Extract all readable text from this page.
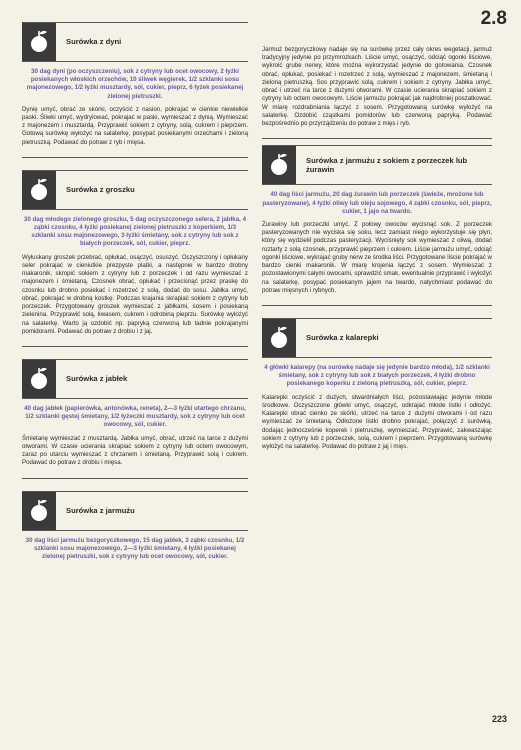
Surówka z dyni
30 dag dyni (po oczyszczeniu), sok z cytryny lub ocet owocowy, 2 łyżki posiekanych włoskich orzechów, 10 śliwek węgierek, 1/2 szklanki sosu majonezowego, 1/2 łyżki musztardy, sól, cukier, pieprz, 6 łyżek posiekanej zielonej pietruszki.
Dynię umyć, obrać ze skórki, oczyścić z nasion, pokrajać w cienkie niewielkie paski. Śliwki umyć, wydrylować, pokrajać w paski, wymieszać z dynią. Wymieszać z majonezem i musztardą. Przyprawić sokiem z cytryny, solą, cukrem i pieprzem. Gotową surówkę wyłożyć na salaterkę, posypać posiekanymi orzechami i zieloną pietruszką. Podawać do potraw z ryb i mięsa.
Surówka z groszku
30 dag młodego zielonego groszku, 5 dag oczyszczonego selera, 2 jabłka, 4 ząbki czosnku, 4 łyżki posiekanej zielonej pietruszki z koperkiem, 1/3 szklanki sosu majonezowego, 3 łyżki śmietany, sok z cytryny lub sok z białych porzeczek, sól, cukier, pieprz.
Wyłuskany groszek przebrać, opłukać, osączyć, osuszyć. Oczyszczony i opłukany seler pokrajać w cieniutkie prezpyste platki, a następnie w bardzo drobny makaronik, skropić sokiem z cytryny lub z porzeczek i od razu wymieszać z majonezem i śmietaną. Czosnek obrać, opłukać i przecisnąć przez praskę do czosnku lub drobno posiekać i rozetrzeć z solą, dodać do sosu. Jabłka umyć, obrać, pokrajać w drobną kostkę. Podczas krajania skrapiać sokiem z cytryny lub porzeczek. Przygotowany groszek wymieszać z jabłkami, sosem i posiekaną zielenina. Przyprawić solą, kwasem, cukrem i odrobiną pieprzu. Surówkę wyłożyć na salaterkę. Warto ją ozdobić np. papryką czerwoną lub tadnie pokrajanymi pomidorami. Podawać do potraw z drobiu i z jaj.
Surówka z jabłek
40 dag jabłek (papierówka, antonówka, reneta), 2—3 łyżki utartego chrzanu, 1/2 szklanki gęstej śmietany, 1/2 łyżeczki musztardy, sok z cytryny lub ocet owocowy, sól, cukier.
Śmietanę wymieszać z musztardą. Jabłka umyć, obrać, utrzeć na tarce z dużymi otworami. W czasie ucierania skrapiać sokiem z cytryny lub octem owocowym, zaraz po utarciu wymieszać z chrzanem i śmietaną. Przyprawić solą i cukrem. Podawać do potraw z drobiu i mięsa.
Surówka z jarmużu
30 dag liści jarmużu bezgoryczkowego, 15 dag jabłek, 3 ząbki czosnku, 1/2 szklanki sosu majonezowego, 2—3 łyżki śmietany, 4 łyżki posiekanej zielonej pietruszki, sok z cytryny lub ocet owocowy, sól, cukier.
Jarmuż bezgoryczkowy nadaje się na surówkę przez cały okres wegetacji, jarmuż tradycyjny jedynie po przymrozkach. Liście umyć, osączyć, odciąć ogonki liściowe, wykroić grube nerwy, które można wykorzystać jedynie do gotowania. Czosnek obrać, opłukać, posiekać i rozetrzeć z solą, wymieszać z majonezem, śmietaną i zieloną pietruszką. Sos przyprawić solą, cukrem i sokiem z cytryny. Jabłka umyć, obrać i utrzeć na tarce z dużymi otworami. W czasie ucierania skrapiać sokiem z cytryny lub octem owocowym. Liście jarmużu pokrajać jak najdrobniej poszatkować. W miarę rozdrabniania łączyć z sosem. Przygotowaną surówkę wyłożyć na salaterkę. Ozdobić cząstkami pomidorów lub czerwoną papryką. Podawać bezpośrednio po przyrządzeniu do potraw z mięs i ryb.
Surówka z jarmużu z sokiem z porzeczek lub żurawin
40 dag liści jarmużu, 20 dag żurawin lub porzeczek (świeże, mrożone lub pasteryzowane), 4 łyżki oliwy lub oleju sojowego, 4 ząbki czosnku, sól, pieprz, cukier, 1 jajo na twardo.
Żurawiny lub porzeczki umyć. Z połowy owoców wycisnąć sok. Z porzeczek pasteryzowanych nie wyciska się soku, lecz zamiast niego wykorzystuje się płyn, który się wydzielił podczas pasteryzacji. Wyciśnięty sok wymieszać z oliwą, dodać roztarty z solą czosnek, przyprawić pieprzem i cukrem. Liście jarmużu umyć, odciąć ogonki liściowe, wykrajać gruby nerw ze środka liści. Przygotowane liście pokrajać w bardzo cienki makaronik. W miarę krojenia łączyć z sosem. Wymieszać z pozostawionymi całymi owocami, sprawdzić smak, ewentualnie przyprawić i wyłożyć na salaterkę, posypać posiekanym jajem na twardo, natychmiast podawać do potraw mięsnych i rybnych.
Surówka z kalarepki
4 główki kalarepy (na surówkę nadaje się jedynie bardzo młoda), 1/2 szklanki śmietany, sok z cytryny lub sok z białych porzeczek, 4 łyżki drobno posiekanego koperku z zieloną pietruszką, sól, cukier, pieprz.
Kalarepki oczyścić z dużych, stwardniałych liści, pozostawiając jedynie młode środkowe. Oczyszczone główki umyć, osączyć, odkrajać młode listki i odłożyć. Kalarepki obrać cienko ze skórki, utrzeć na tarce z dużymi otworami i od razu wymieszać ze śmietaną. Odłożone listki drobno pokrajać, połączyć z surówką, dodając jednocześnie koperek i pietruszkę, wymieszać. Przyprawić, zakwaszając sokiem z cytryny lub z porzeczek, solą, cukrem i pieprzem. Przygotowaną surówkę wyłożyć na salaterkę. Podawać do potraw z jaj i mięs.
2.8
223
